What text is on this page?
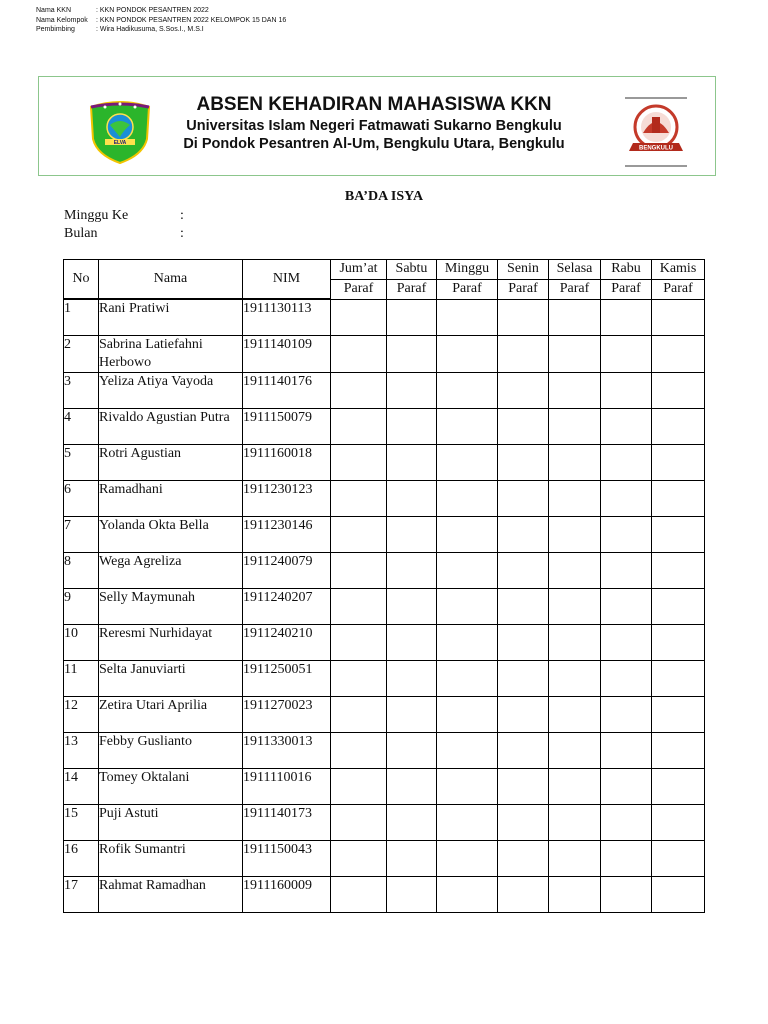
Nama KKN	: KKN PONDOK PESANTREN 2022
Nama Kelompok	: KKN PONDOK PESANTREN 2022 KELOMPOK 15 DAN 16
Pembimbing	: Wira Hadikusuma, S.Sos.I., M.S.I
ELVA
ABSEN KEHADIRAN MAHASISWA KKN
Universitas Islam Negeri Fatmawati Sukarno Bengkulu
Di Pondok Pesantren Al-Um, Bengkulu Utara, Bengkulu	BENGKULU
BA’DA ISYA
Minggu Ke	:
Bulan	:
No	Nama	NIM	Jum’at	Sabtu	Minggu	Senin	Selasa	Rabu	Kamis
			Paraf	Paraf	Paraf	Paraf	Paraf	Paraf	Paraf
1	Rani Pratiwi	1911130113							
2	Sabrina Latiefahni Herbowo	1911140109							
3	Yeliza Atiya Vayoda	1911140176							
4	Rivaldo Agustian Putra	1911150079							
5	Rotri Agustian	1911160018							
6	Ramadhani	1911230123							
7	Yolanda Okta Bella	1911230146							
8	Wega Agreliza	1911240079							
9	Selly Maymunah	1911240207							
10	Reresmi Nurhidayat	1911240210							
11	Selta Januviarti	1911250051							
12	Zetira Utari Aprilia	1911270023							
13	Febby Guslianto	1911330013							
14	Tomey Oktalani	1911110016							
15	Puji Astuti	1911140173							
16	Rofik Sumantri	1911150043							
17	Rahmat Ramadhan	1911160009							
